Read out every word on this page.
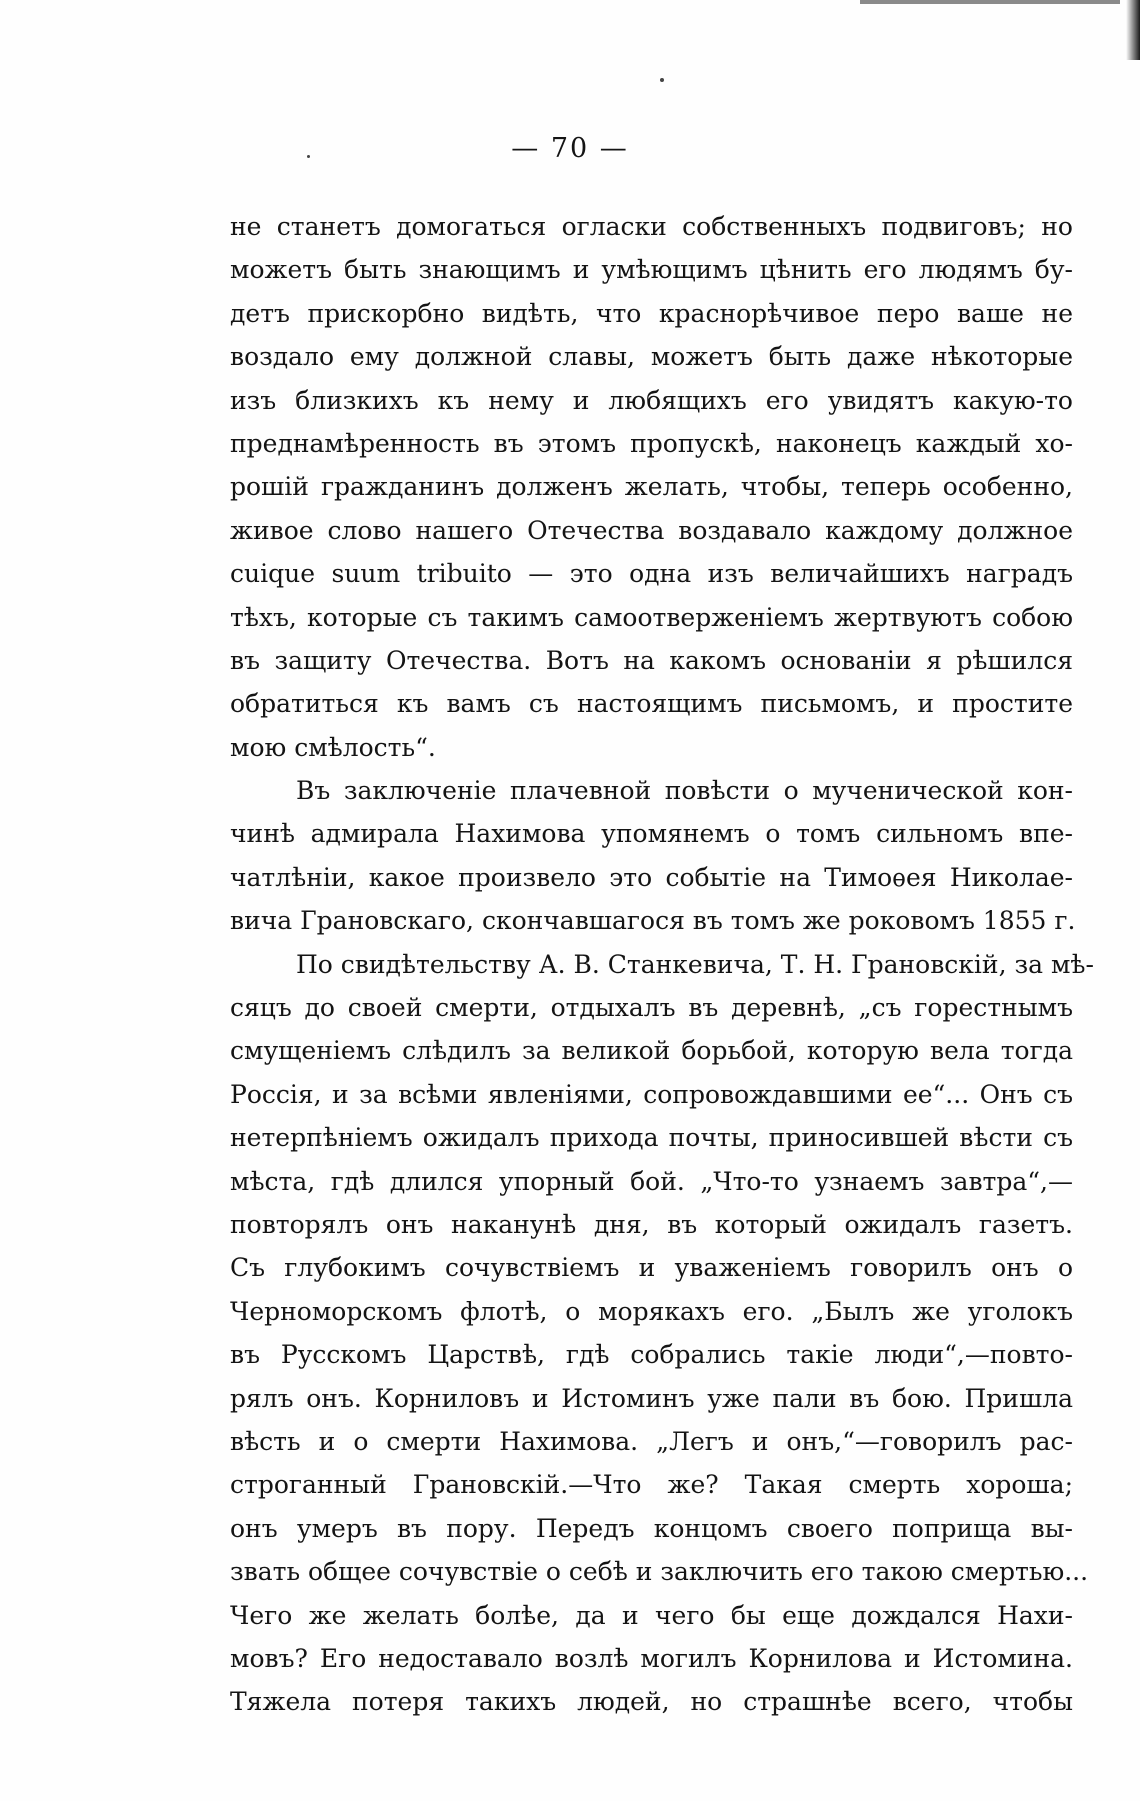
— 70 —
не станетъ домогаться огласки собственныхъ подвиговъ; но
можетъ быть знающимъ и умѣющимъ цѣнить его людямъ бу-
детъ прискорбно видѣть, что краснорѣчивое перо ваше не
воздало ему должной славы, можетъ быть даже нѣкоторые
изъ близкихъ къ нему и любящихъ его увидятъ какую-то
преднамѣренность въ этомъ пропускѣ, наконецъ каждый хо-
рошій гражданинъ долженъ желать, чтобы, теперь особенно,
живое слово нашего Отечества воздавало каждому должное
cuique suum tribuito — это одна изъ величайшихъ наградъ
тѣхъ, которые съ такимъ самоотверженіемъ жертвуютъ собою
въ защиту Отечества. Вотъ на какомъ основаніи я рѣшился
обратиться къ вамъ съ настоящимъ письмомъ, и простите
мою смѣлость“.
Въ заключеніе плачевной повѣсти о мученической кон-
чинѣ адмирала Нахимова упомянемъ о томъ сильномъ впе-
чатлѣніи, какое произвело это событіе на Тимоѳея Николае-
вича Грановскаго, скончавшагося въ томъ же роковомъ 1855 г.
По свидѣтельству А. В. Станкевича, Т. Н. Грановскій, за мѣ-
сяцъ до своей смерти, отдыхалъ въ деревнѣ, „съ горестнымъ
смущеніемъ слѣдилъ за великой борьбой, которую вела тогда
Россія, и за всѣми явленіями, сопровождавшими ее“... Онъ съ
нетерпѣніемъ ожидалъ прихода почты, приносившей вѣсти съ
мѣста, гдѣ длился упорный бой. „Что-то узнаемъ завтра“,—
повторялъ онъ наканунѣ дня, въ который ожидалъ газетъ.
Съ глубокимъ сочувствіемъ и уваженіемъ говорилъ онъ о
Черноморскомъ флотѣ, о морякахъ его. „Былъ же уголокъ
въ Русскомъ Царствѣ, гдѣ собрались такіе люди“,—повто-
рялъ онъ. Корниловъ и Истоминъ уже пали въ бою. Пришла
вѣсть и о смерти Нахимова. „Легъ и онъ,“—говорилъ рас-
строганный Грановскій.—Что же? Такая смерть хороша;
онъ умеръ въ пору. Передъ концомъ своего поприща вы-
звать общее сочувствіе о себѣ и заключить его такою смертью...
Чего же желать болѣе, да и чего бы еще дождался Нахи-
мовъ? Его недоставало возлѣ могилъ Корнилова и Истомина.
Тяжела потеря такихъ людей, но страшнѣе всего, чтобы
